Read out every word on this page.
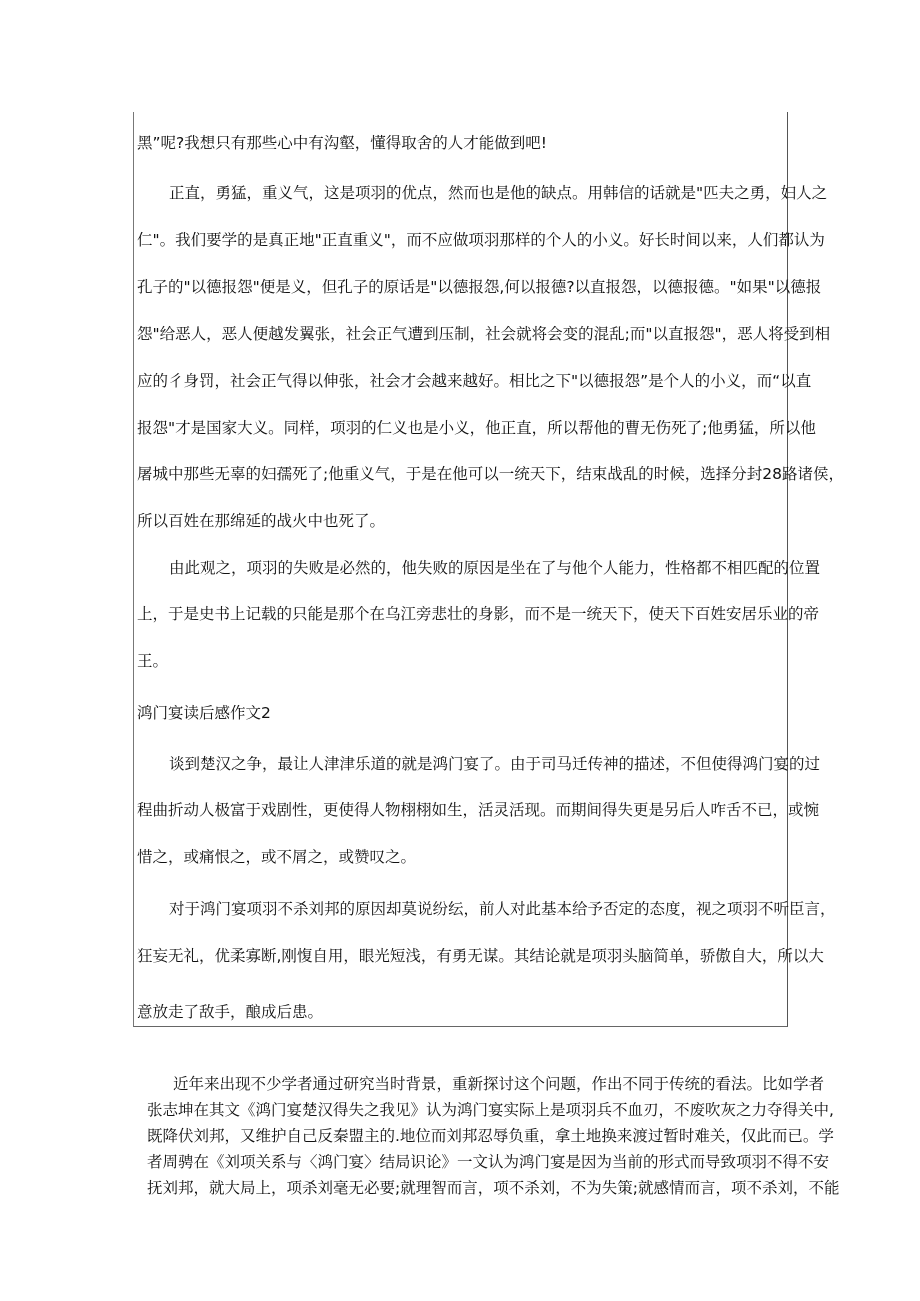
黑”呢?我想只有那些心中有沟壑，懂得取舍的人才能做到吧!
正直，勇猛，重义气，这是项羽的优点，然而也是他的缺点。用韩信的话就是"匹夫之勇，妇人之
仁"。我们要学的是真正地"正直重义"，而不应做项羽那样的个人的小义。好长时间以来，人们都认为
孔子的"以德报怨"便是义，但孔子的原话是"以德报怨,何以报德?以直报怨，以德报德。"如果"以德报
怨"给恶人，恶人便越发翼张，社会正气遭到压制，社会就将会变的混乱;而"以直报怨"，恶人将受到相
应的彳身罚，社会正气得以伸张，社会才会越来越好。相比之下"以德报怨”是个人的小义，而“以直
报怨"才是国家大义。同样，项羽的仁义也是小义，他正直，所以帮他的曹无伤死了;他勇猛，所以他
屠城中那些无辜的妇孺死了;他重义气，于是在他可以一统天下，结束战乱的时候，选择分封28路诸侯，
所以百姓在那绵延的战火中也死了。
由此观之，项羽的失败是必然的，他失败的原因是坐在了与他个人能力，性格都不相匹配的位置
上，于是史书上记载的只能是那个在乌江旁悲壮的身影，而不是一统天下，使天下百姓安居乐业的帝
王。
鸿门宴读后感作文2
谈到楚汉之争，最让人津津乐道的就是鸿门宴了。由于司马迁传神的描述，不但使得鸿门宴的过
程曲折动人极富于戏剧性，更使得人物栩栩如生，活灵活现。而期间得失更是另后人咋舌不已，或惋
惜之，或痛恨之，或不屑之，或赞叹之。
对于鸿门宴项羽不杀刘邦的原因却莫说纷纭，前人对此基本给予否定的态度，视之项羽不听臣言，
狂妄无礼，优柔寡断,刚愎自用，眼光短浅，有勇无谋。其结论就是项羽头脑简单，骄傲自大，所以大
意放走了敌手，酿成后患。
近年来出现不少学者通过研究当时背景，重新探讨这个问题，作出不同于传统的看法。比如学者
张志坤在其文《鸿门宴楚汉得失之我见》认为鸿门宴实际上是项羽兵不血刃，不废吹灰之力夺得关中,
既降伏刘邦，又维护自己反秦盟主的.地位而刘邦忍辱负重，拿土地换来渡过暂时难关，仅此而已。学
者周骋在《刘项关系与〈鸿门宴〉结局识论》一文认为鸿门宴是因为当前的形式而导致项羽不得不安
抚刘邦，就大局上，项杀刘毫无必要;就理智而言，项不杀刘，不为失策;就感情而言，项不杀刘，不能
